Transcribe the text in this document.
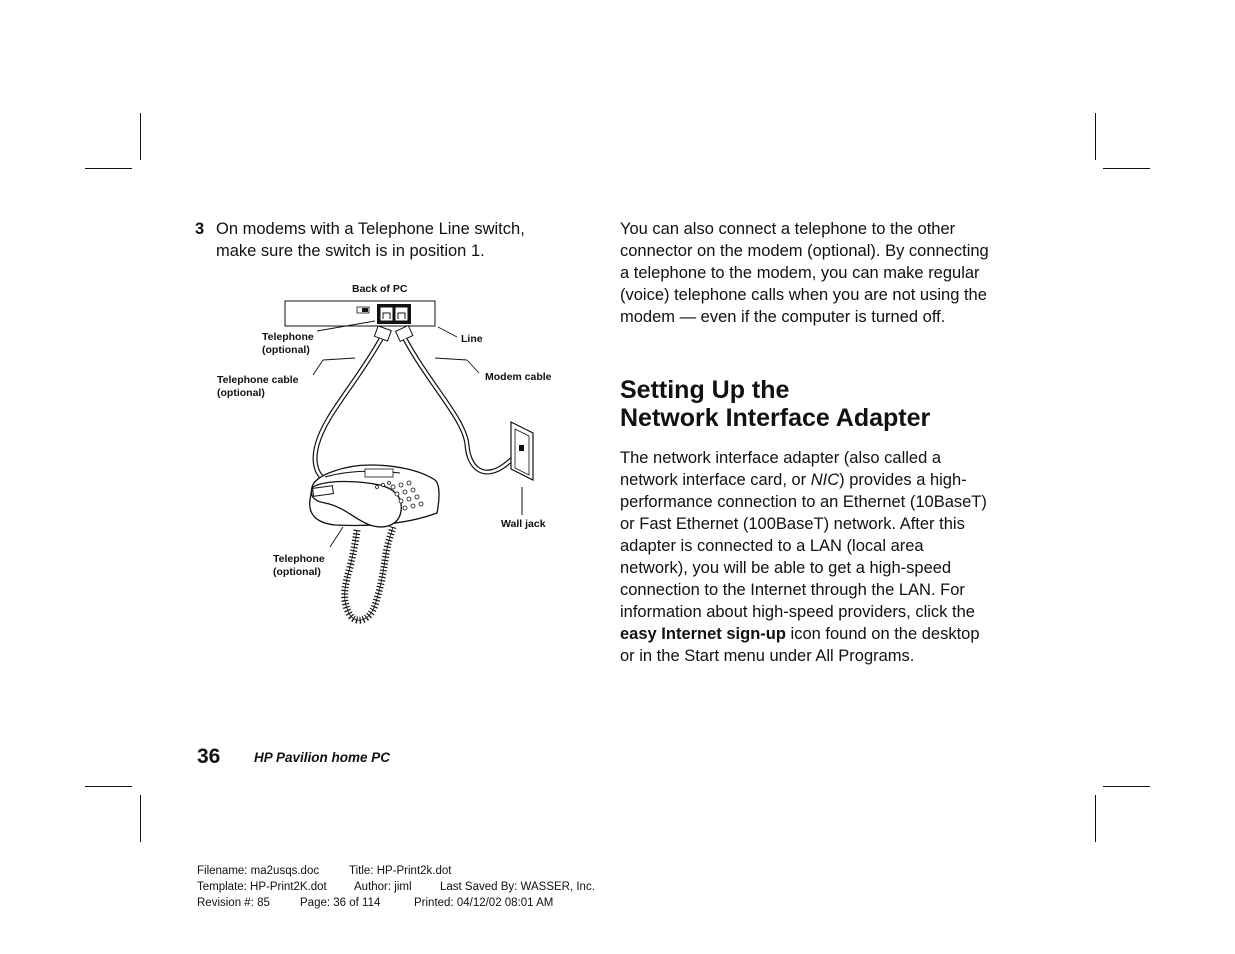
3 On modems with a Telephone Line switch, make sure the switch is in position 1.
Back of PC
Telephone
(optional)
Line
Telephone cable
(optional)
Modem cable
Wall jack
Telephone
(optional)

You can also connect a telephone to the other connector on the modem (optional). By connecting a telephone to the modem, you can make regular (voice) telephone calls when you are not using the modem — even if the computer is turned off.

Setting Up the
Network Interface Adapter

The network interface adapter (also called a network interface card, or NIC) provides a high-performance connection to an Ethernet (10BaseT) or Fast Ethernet (100BaseT) network. After this adapter is connected to a LAN (local area network), you will be able to get a high-speed connection to the Internet through the LAN. For information about high-speed providers, click the easy Internet sign-up icon found on the desktop or in the Start menu under All Programs.

36 HP Pavilion home PC
Filename: ma2usqs.doc	Title: HP-Print2k.dot
Template: HP-Print2K.dot Author: jiml Last Saved By: WASSER, Inc.
Revision #: 85	Page: 36 of 114	Printed: 04/12/02 08:01 AM
